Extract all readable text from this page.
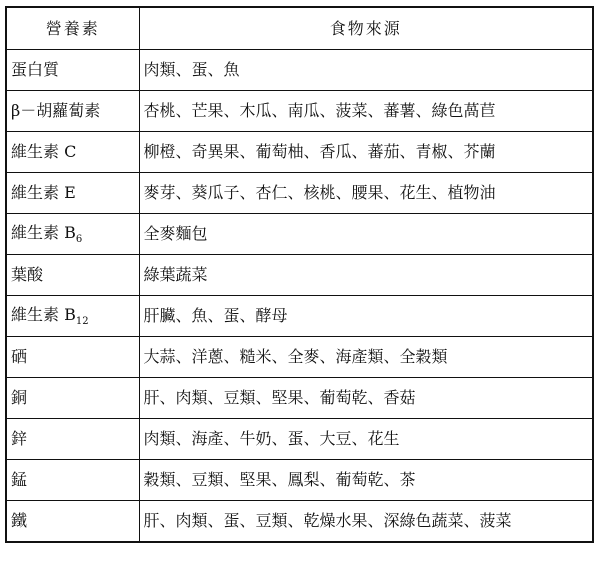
營養素	食物來源
蛋白質	肉類、蛋、魚
β－胡蘿蔔素	杏桃、芒果、木瓜、南瓜、菠菜、蕃薯、綠色萵苣
維生素 C	柳橙、奇異果、葡萄柚、香瓜、蕃茄、青椒、芥蘭
維生素 E	麥芽、葵瓜子、杏仁、核桃、腰果、花生、植物油
維生素 B6	全麥麵包
葉酸	綠葉蔬菜
維生素 B12	肝臟、魚、蛋、酵母
硒	大蒜、洋蔥、糙米、全麥、海產類、全穀類
銅	肝、肉類、豆類、堅果、葡萄乾、香菇
鋅	肉類、海產、牛奶、蛋、大豆、花生
錳	穀類、豆類、堅果、鳳梨、葡萄乾、茶
鐵	肝、肉類、蛋、豆類、乾燥水果、深綠色蔬菜、菠菜
